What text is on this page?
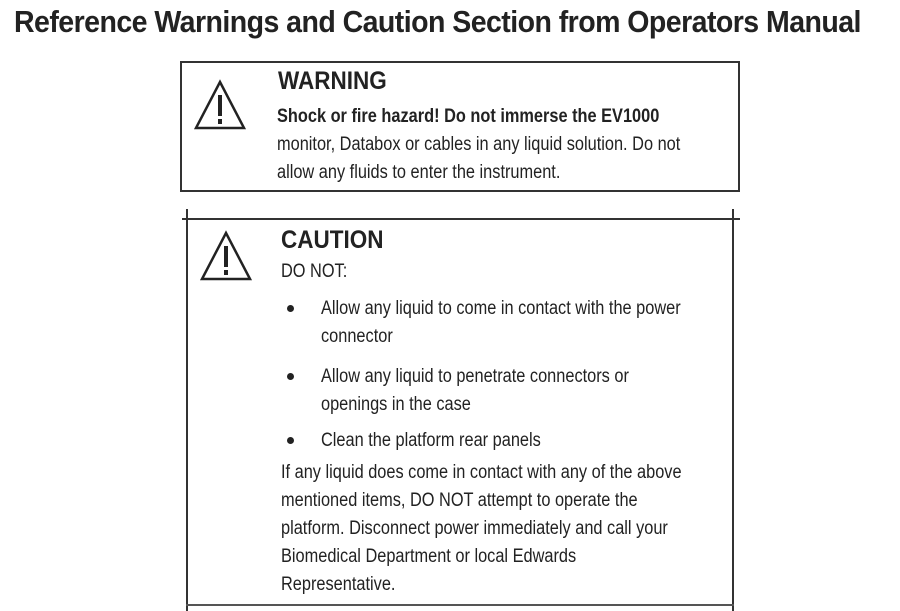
Reference Warnings and Caution Section from Operators Manual
WARNING
Shock or fire hazard! Do not immerse the EV1000
monitor, Databox or cables in any liquid solution. Do not
allow any fluids to enter the instrument.
CAUTION
DO NOT:
Allow any liquid to come in contact with the power
connector
Allow any liquid to penetrate connectors or
openings in the case
Clean the platform rear panels
If any liquid does come in contact with any of the above
mentioned items, DO NOT attempt to operate the
platform. Disconnect power immediately and call your
Biomedical Department or local Edwards
Representative.
